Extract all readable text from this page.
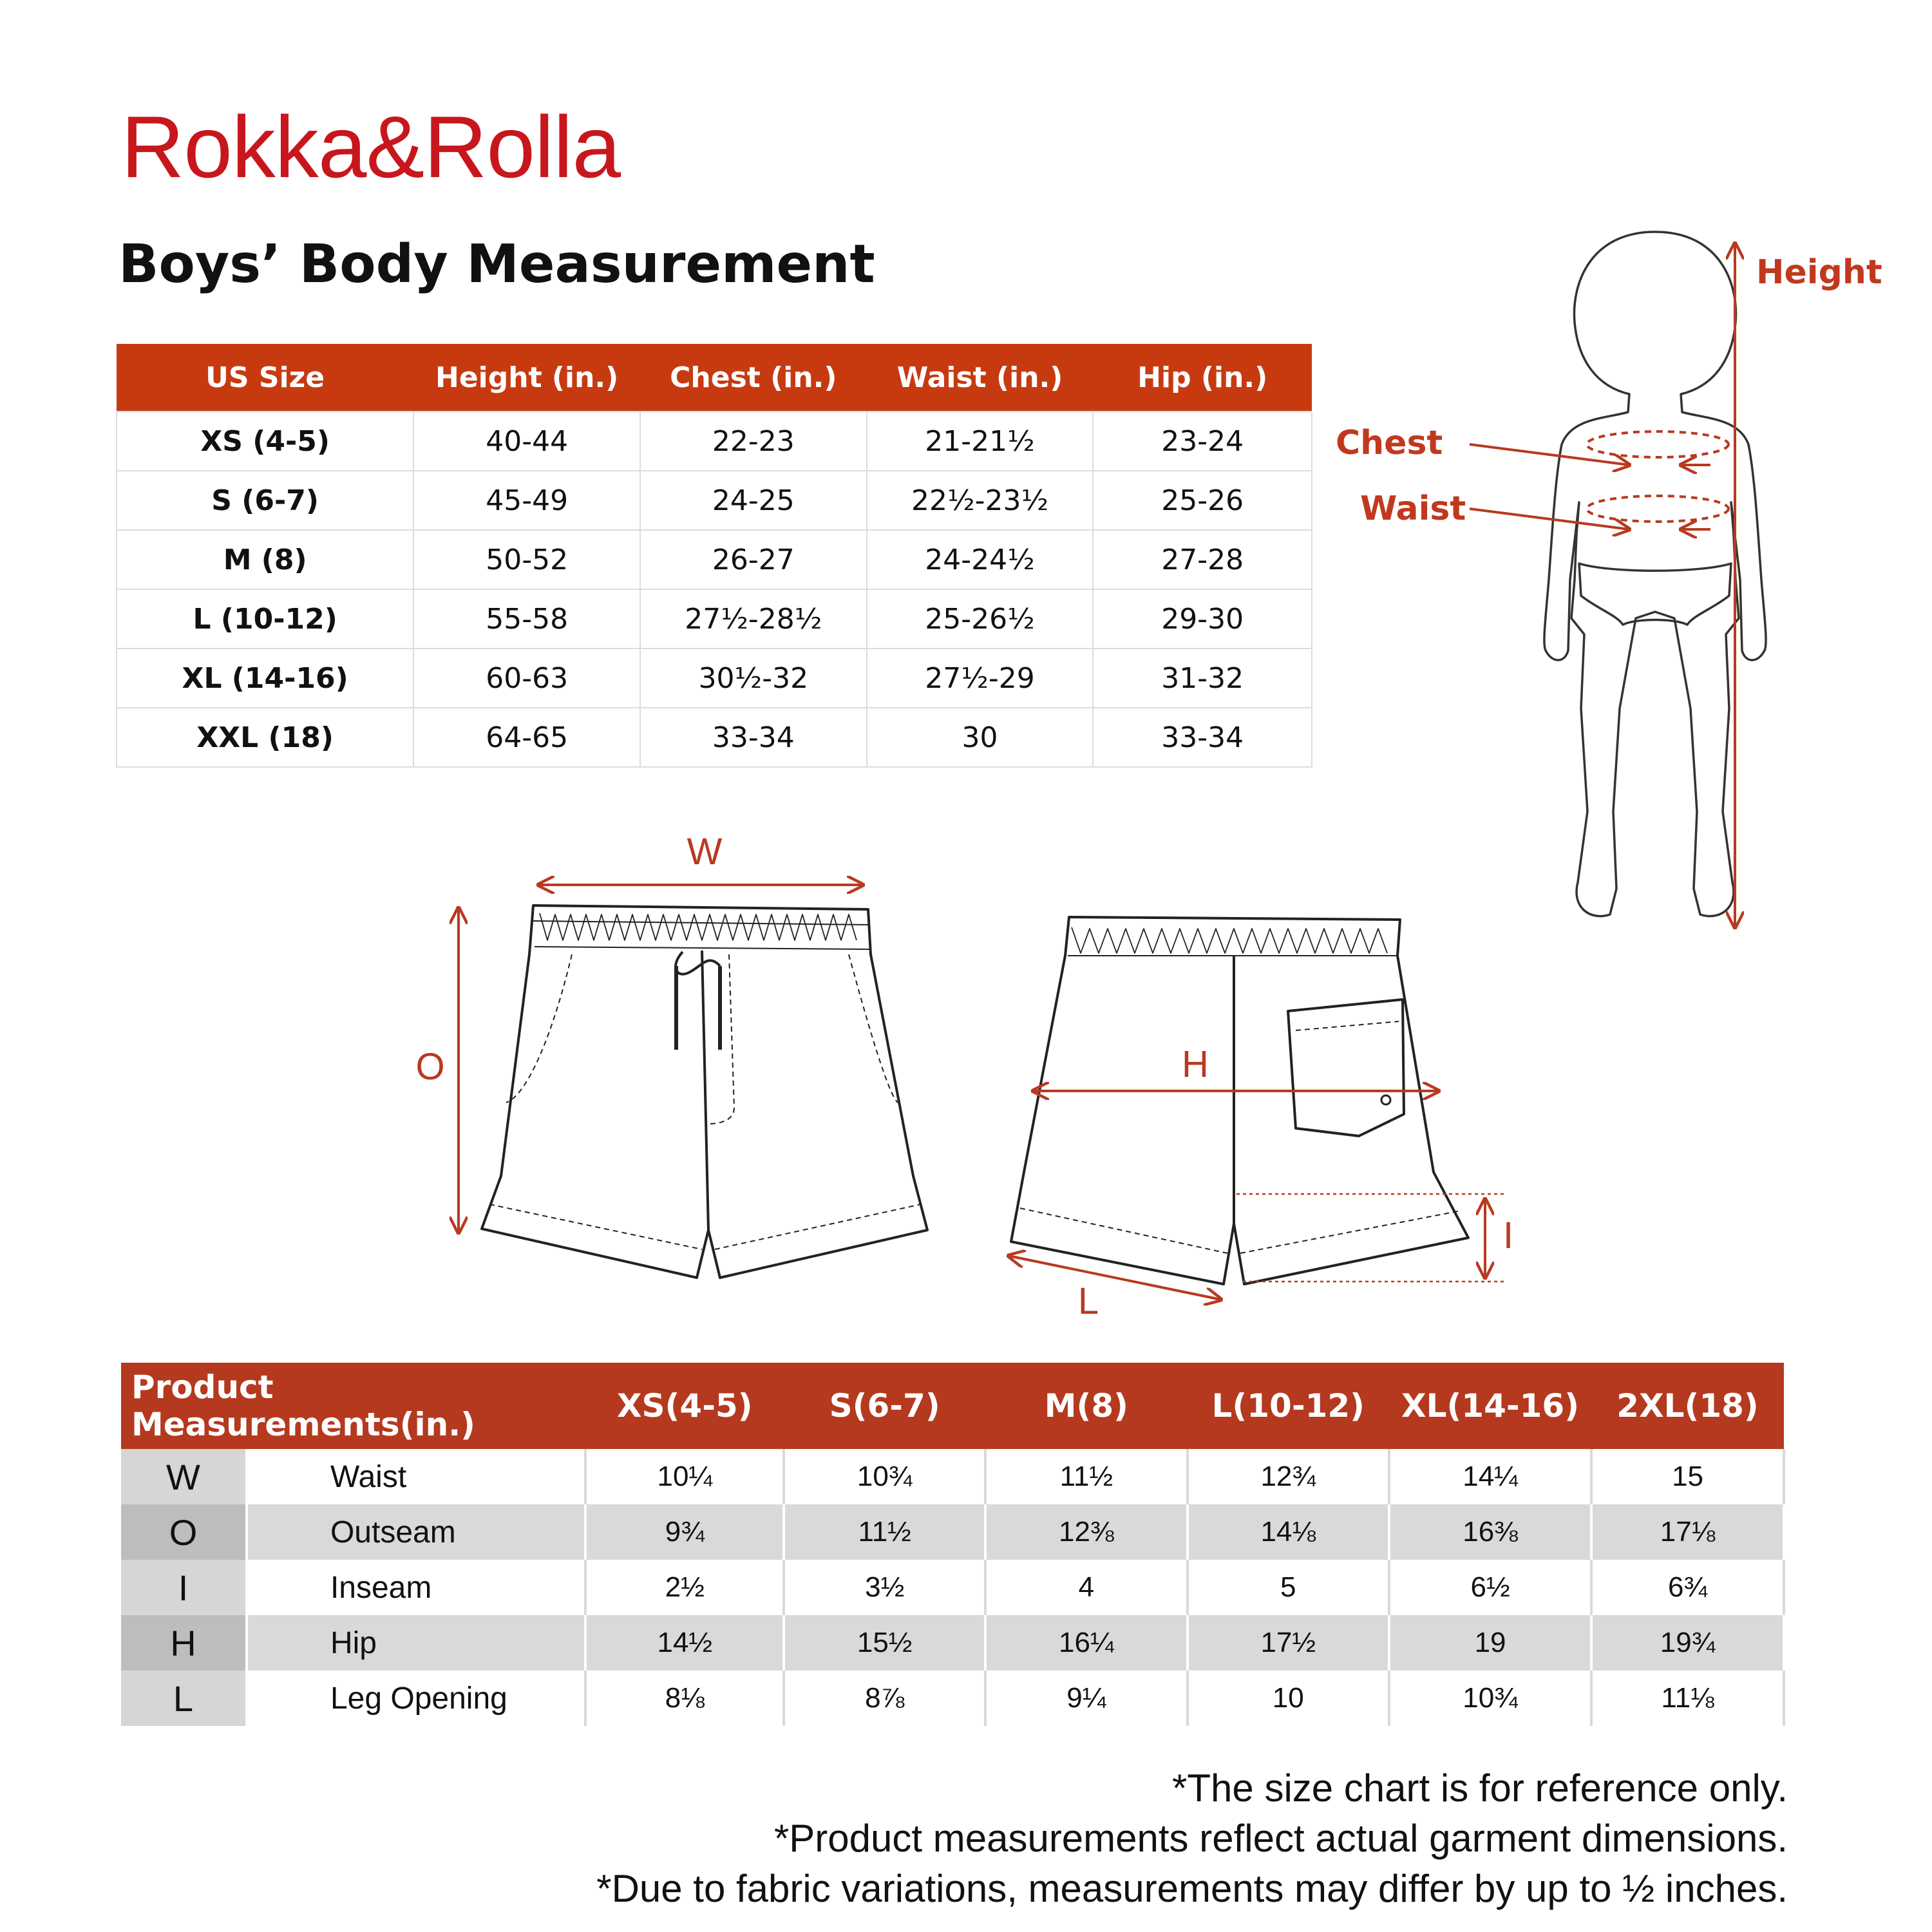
Rokka&Rolla
Boys’ Body Measurement
US Size	Height (in.)	Chest (in.)	Waist (in.)	Hip (in.)
XS (4-5)	40-44	22-23	21-21½	23-24
S (6-7)	45-49	24-25	22½-23½	25-26
M (8)	50-52	26-27	24-24½	27-28
L (10-12)	55-58	27½-28½	25-26½	29-30
XL (14-16)	60-63	30½-32	27½-29	31-32
XXL (18)	64-65	33-34	30	33-34
Height
Chest
Waist
W
O	H
I
L
Product Measurements(in.)		XS(4-5)	S(6-7)	M(8)	L(10-12)	XL(14-16)	2XL(18)
W	Waist	10¼	10¾	11½	12¾	14¼	15
O	Outseam	9¾	11½	12⅜	14⅛	16⅜	17⅛
I	Inseam	2½	3½	4	5	6½	6¾
H	Hip	14½	15½	16¼	17½	19	19¾
L	Leg Opening	8⅛	8⅞	9¼	10	10¾	11⅛
*The size chart is for reference only.
*Product measurements reflect actual garment dimensions.
*Due to fabric variations, measurements may differ by up to ½ inches.
